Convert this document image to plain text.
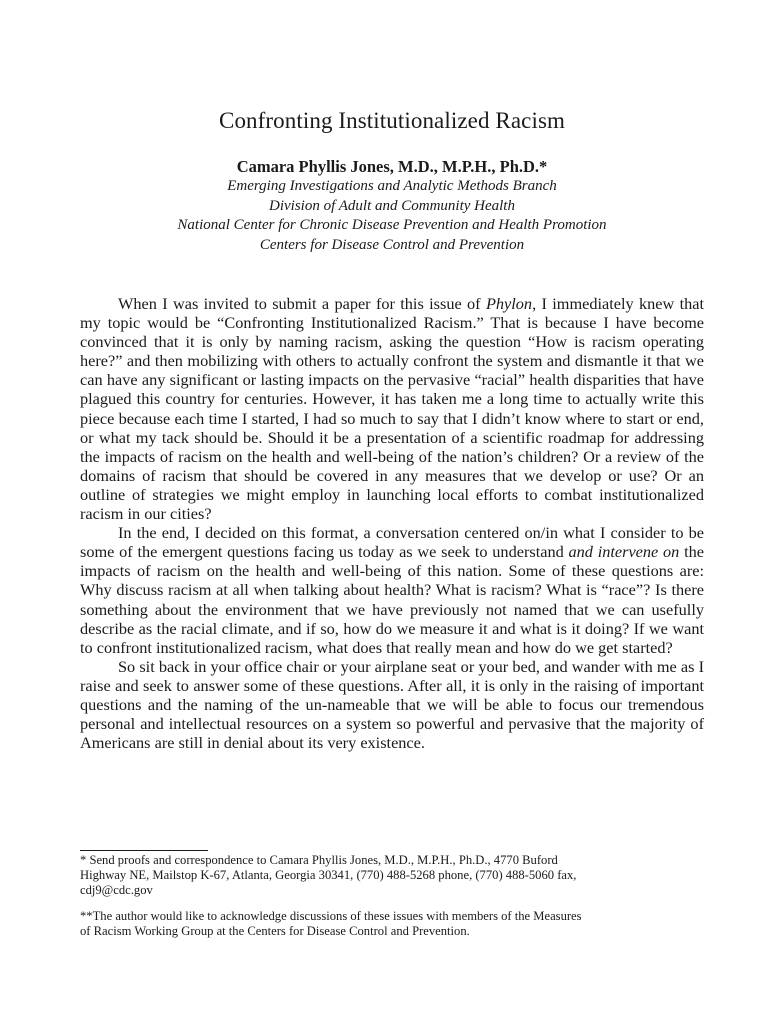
Confronting Institutionalized Racism
Camara Phyllis Jones, M.D., M.P.H., Ph.D.*
Emerging Investigations and Analytic Methods Branch
Division of Adult and Community Health
National Center for Chronic Disease Prevention and Health Promotion
Centers for Disease Control and Prevention

When I was invited to submit a paper for this issue of Phylon, I immediately knew that my topic would be “Confronting Institutionalized Racism.” That is because I have become convinced that it is only by naming racism, asking the question “How is racism operating here?” and then mobilizing with others to actually confront the system and dismantle it that we can have any significant or lasting impacts on the pervasive “racial” health disparities that have plagued this country for centuries. However, it has taken me a long time to actually write this piece because each time I started, I had so much to say that I didn’t know where to start or end, or what my tack should be. Should it be a presentation of a scientific roadmap for addressing the impacts of racism on the health and well-being of the nation’s children? Or a review of the domains of racism that should be covered in any measures that we develop or use? Or an outline of strategies we might employ in launching local efforts to combat institutionalized racism in our cities?

In the end, I decided on this format, a conversation centered on/in what I consider to be some of the emergent questions facing us today as we seek to understand and intervene on the impacts of racism on the health and well-being of this nation. Some of these questions are: Why discuss racism at all when talking about health? What is racism? What is “race”? Is there something about the environment that we have previously not named that we can usefully describe as the racial climate, and if so, how do we measure it and what is it doing? If we want to confront institutionalized racism, what does that really mean and how do we get started?

So sit back in your office chair or your airplane seat or your bed, and wander with me as I raise and seek to answer some of these questions. After all, it is only in the raising of important questions and the naming of the un-nameable that we will be able to focus our tremendous personal and intellectual resources on a system so powerful and pervasive that the majority of Americans are still in denial about its very existence.

* Send proofs and correspondence to Camara Phyllis Jones, M.D., M.P.H., Ph.D., 4770 Buford
Highway NE, Mailstop K-67, Atlanta, Georgia 30341, (770) 488-5268 phone, (770) 488-5060 fax,
cdj9@cdc.gov
**The author would like to acknowledge discussions of these issues with members of the Measures
of Racism Working Group at the Centers for Disease Control and Prevention.
